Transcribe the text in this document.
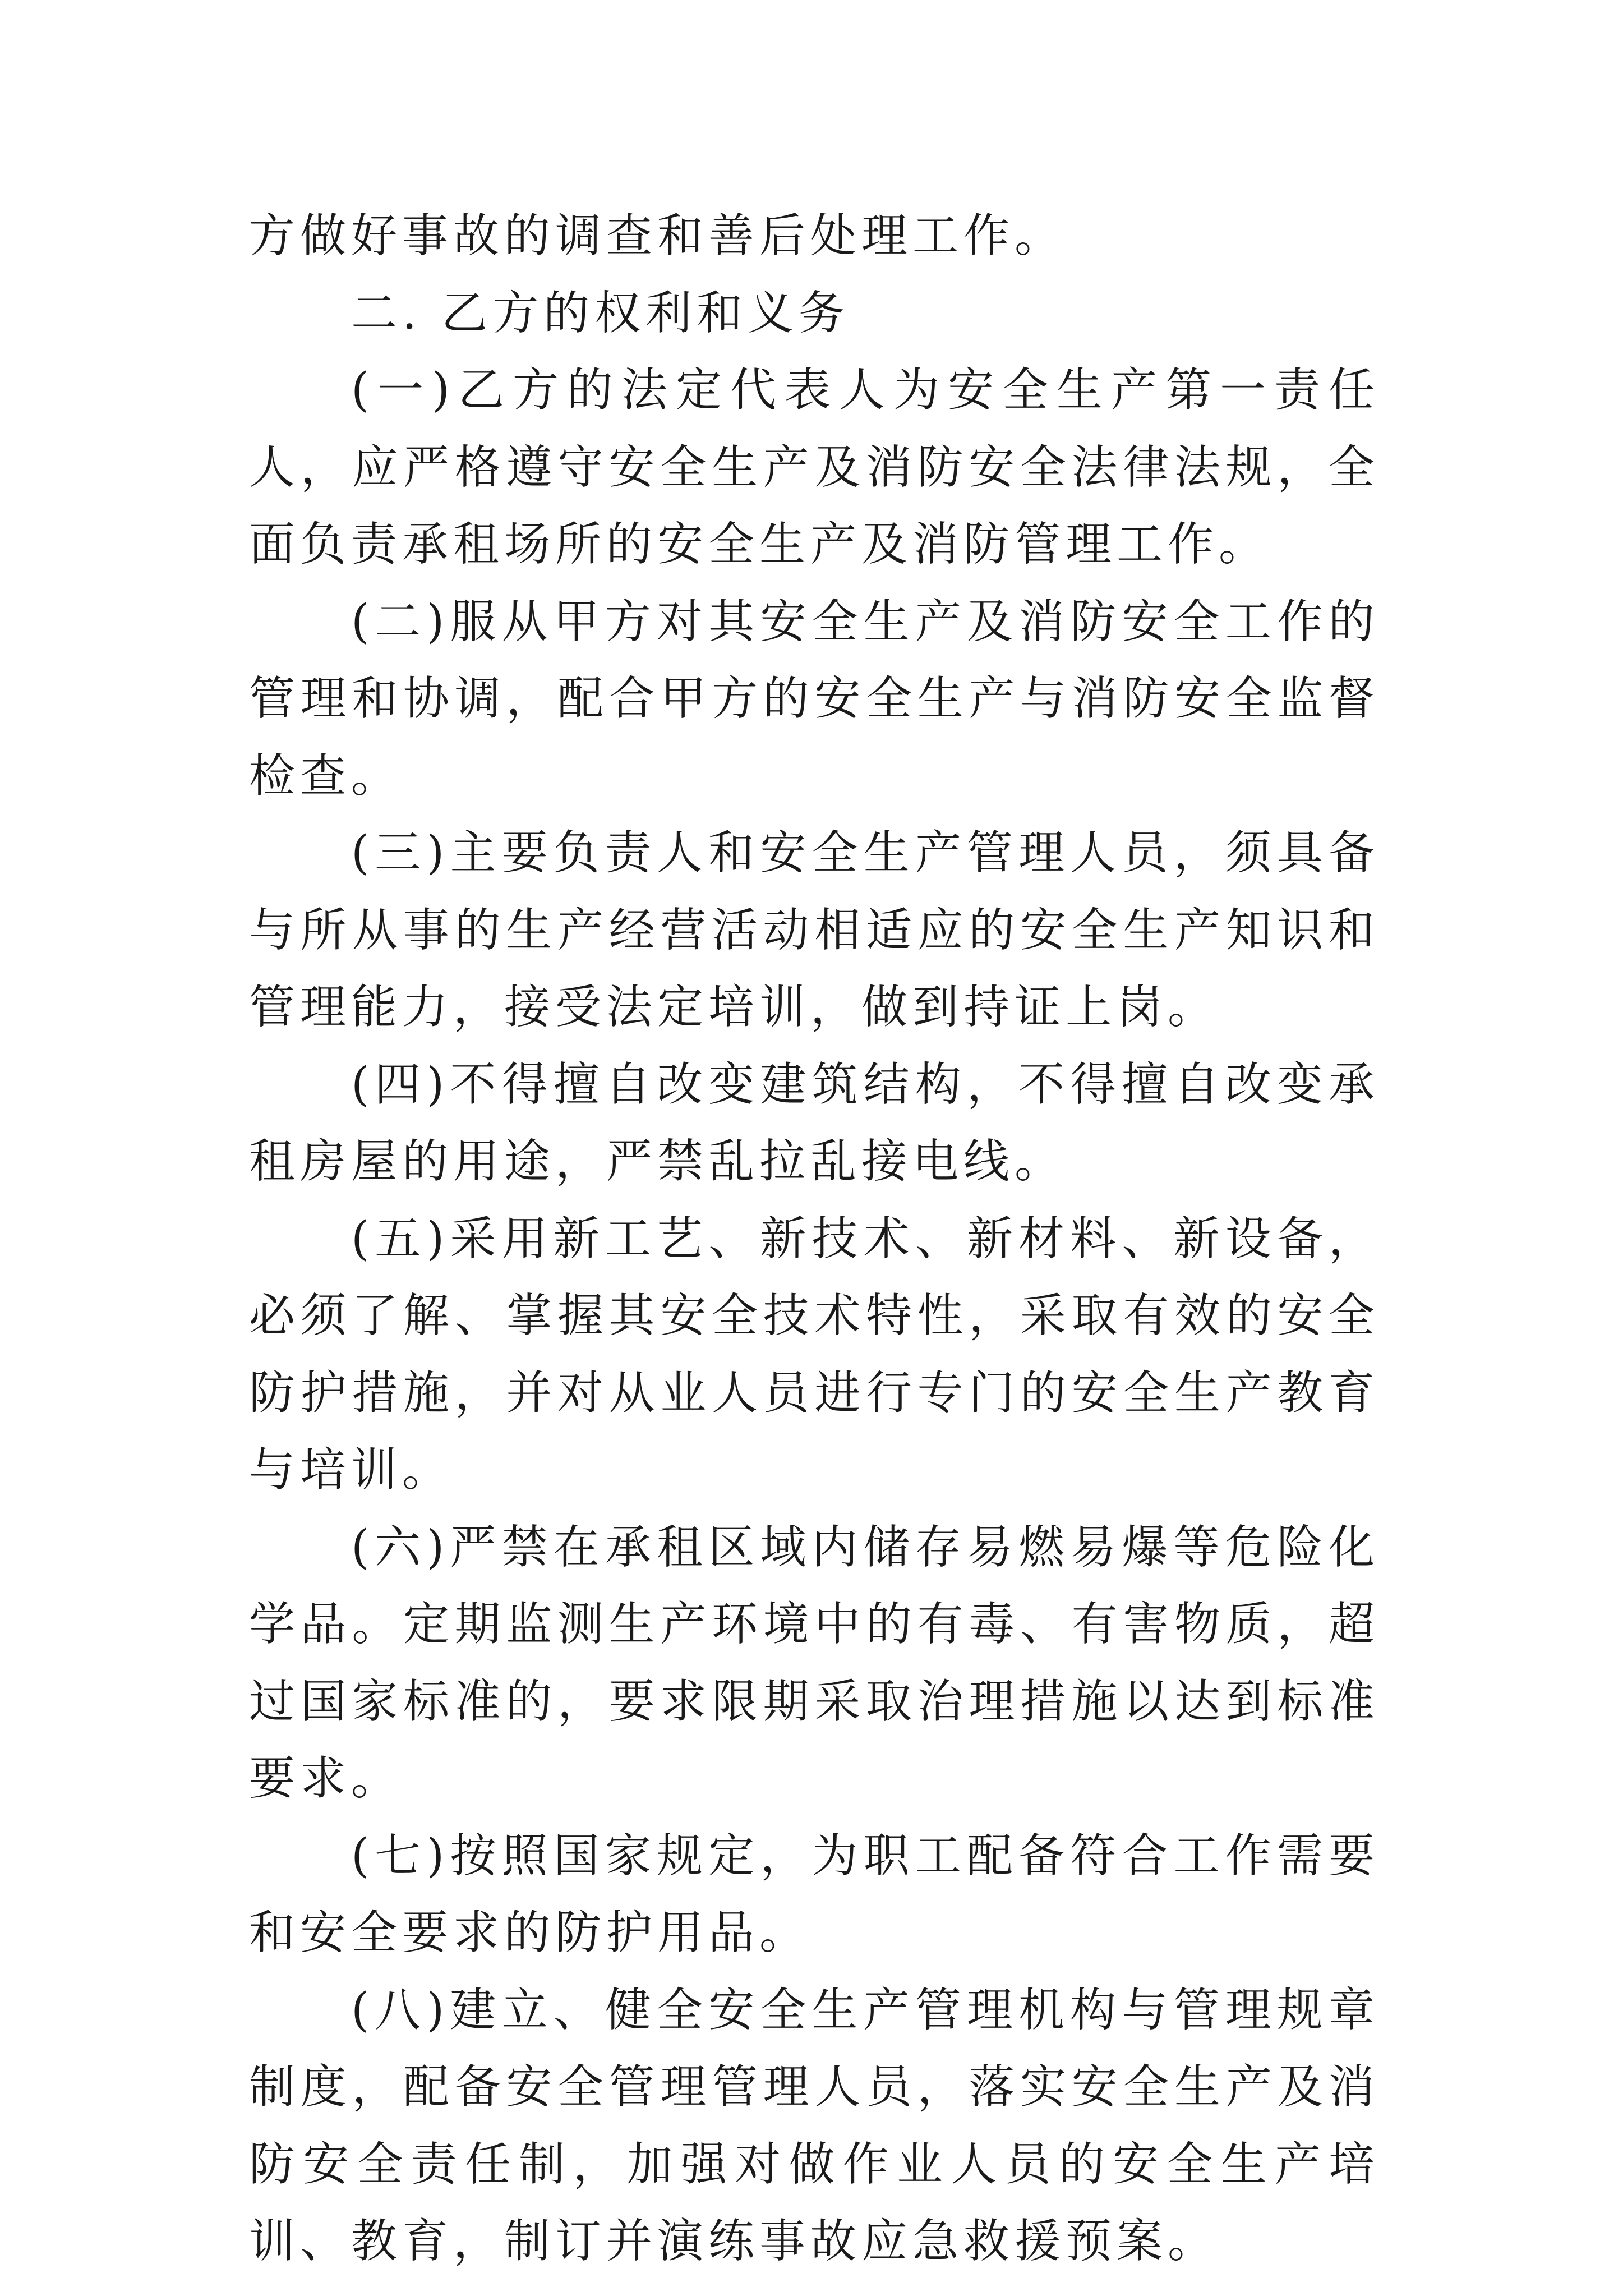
方做好事故的调查和善后处理工作。

二. 乙方的权利和义务

(一)乙方的法定代表人为安全生产第一责任人，应严格遵守安全生产及消防安全法律法规，全面负责承租场所的安全生产及消防管理工作。

(二)服从甲方对其安全生产及消防安全工作的管理和协调，配合甲方的安全生产与消防安全监督检查。

(三)主要负责人和安全生产管理人员，须具备与所从事的生产经营活动相适应的安全生产知识和管理能力，接受法定培训，做到持证上岗。

(四)不得擅自改变建筑结构，不得擅自改变承租房屋的用途，严禁乱拉乱接电线。

(五)采用新工艺、新技术、新材料、新设备，必须了解、掌握其安全技术特性，采取有效的安全防护措施，并对从业人员进行专门的安全生产教育与培训。

(六)严禁在承租区域内储存易燃易爆等危险化学品。定期监测生产环境中的有毒、有害物质，超过国家标准的，要求限期采取治理措施以达到标准要求。

(七)按照国家规定，为职工配备符合工作需要和安全要求的防护用品。

(八)建立、健全安全生产管理机构与管理规章制度，配备安全管理管理人员，落实安全生产及消防安全责任制，加强对做作业人员的安全生产培训、教育，制订并演练事故应急救援预案。
